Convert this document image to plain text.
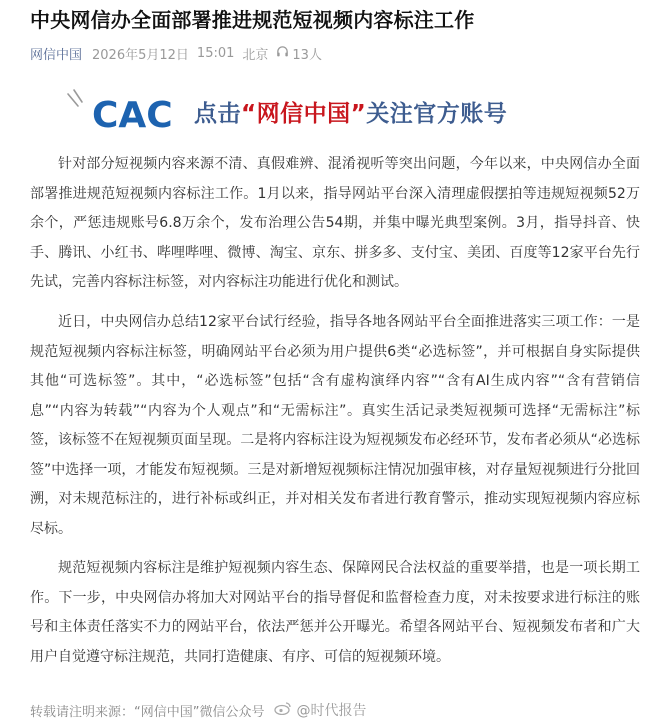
中央网信办全面部署推进规范短视频内容标注工作
网信中国 2026年5月12日 15:01 北京 13人
CAC 点击“网信中国”关注官方账号

针对部分短视频内容来源不清、真假难辨、混淆视听等突出问题，今年以来，中央网信办全面部署推进规范短视频内容标注工作。1月以来，指导网站平台深入清理虚假摆拍等违规短视频52万余个，严惩违规账号6.8万余个，发布治理公告54期，并集中曝光典型案例。3月，指导抖音、快手、腾讯、小红书、哔哩哔哩、微博、淘宝、京东、拼多多、支付宝、美团、百度等12家平台先行先试，完善内容标注标签，对内容标注功能进行优化和测试。

近日，中央网信办总结12家平台试行经验，指导各地各网站平台全面推进落实三项工作：一是规范短视频内容标注标签，明确网站平台必须为用户提供6类“必选标签”，并可根据自身实际提供其他“可选标签”。其中，“必选标签”包括“含有虚构演绎内容”“含有AI生成内容”“含有营销信息”“内容为转载”“内容为个人观点”和“无需标注”。真实生活记录类短视频可选择“无需标注”标签，该标签不在短视频页面呈现。二是将内容标注设为短视频发布必经环节，发布者必须从“必选标签”中选择一项，才能发布短视频。三是对新增短视频标注情况加强审核，对存量短视频进行分批回溯，对未规范标注的，进行补标或纠正，并对相关发布者进行教育警示，推动实现短视频内容应标尽标。

规范短视频内容标注是维护短视频内容生态、保障网民合法权益的重要举措，也是一项长期工作。下一步，中央网信办将加大对网站平台的指导督促和监督检查力度，对未按要求进行标注的账号和主体责任落实不力的网站平台，依法严惩并公开曝光。希望各网站平台、短视频发布者和广大用户自觉遵守标注规范，共同打造健康、有序、可信的短视频环境。

转载请注明来源：“网信中国”微信公众号 @时代报告
